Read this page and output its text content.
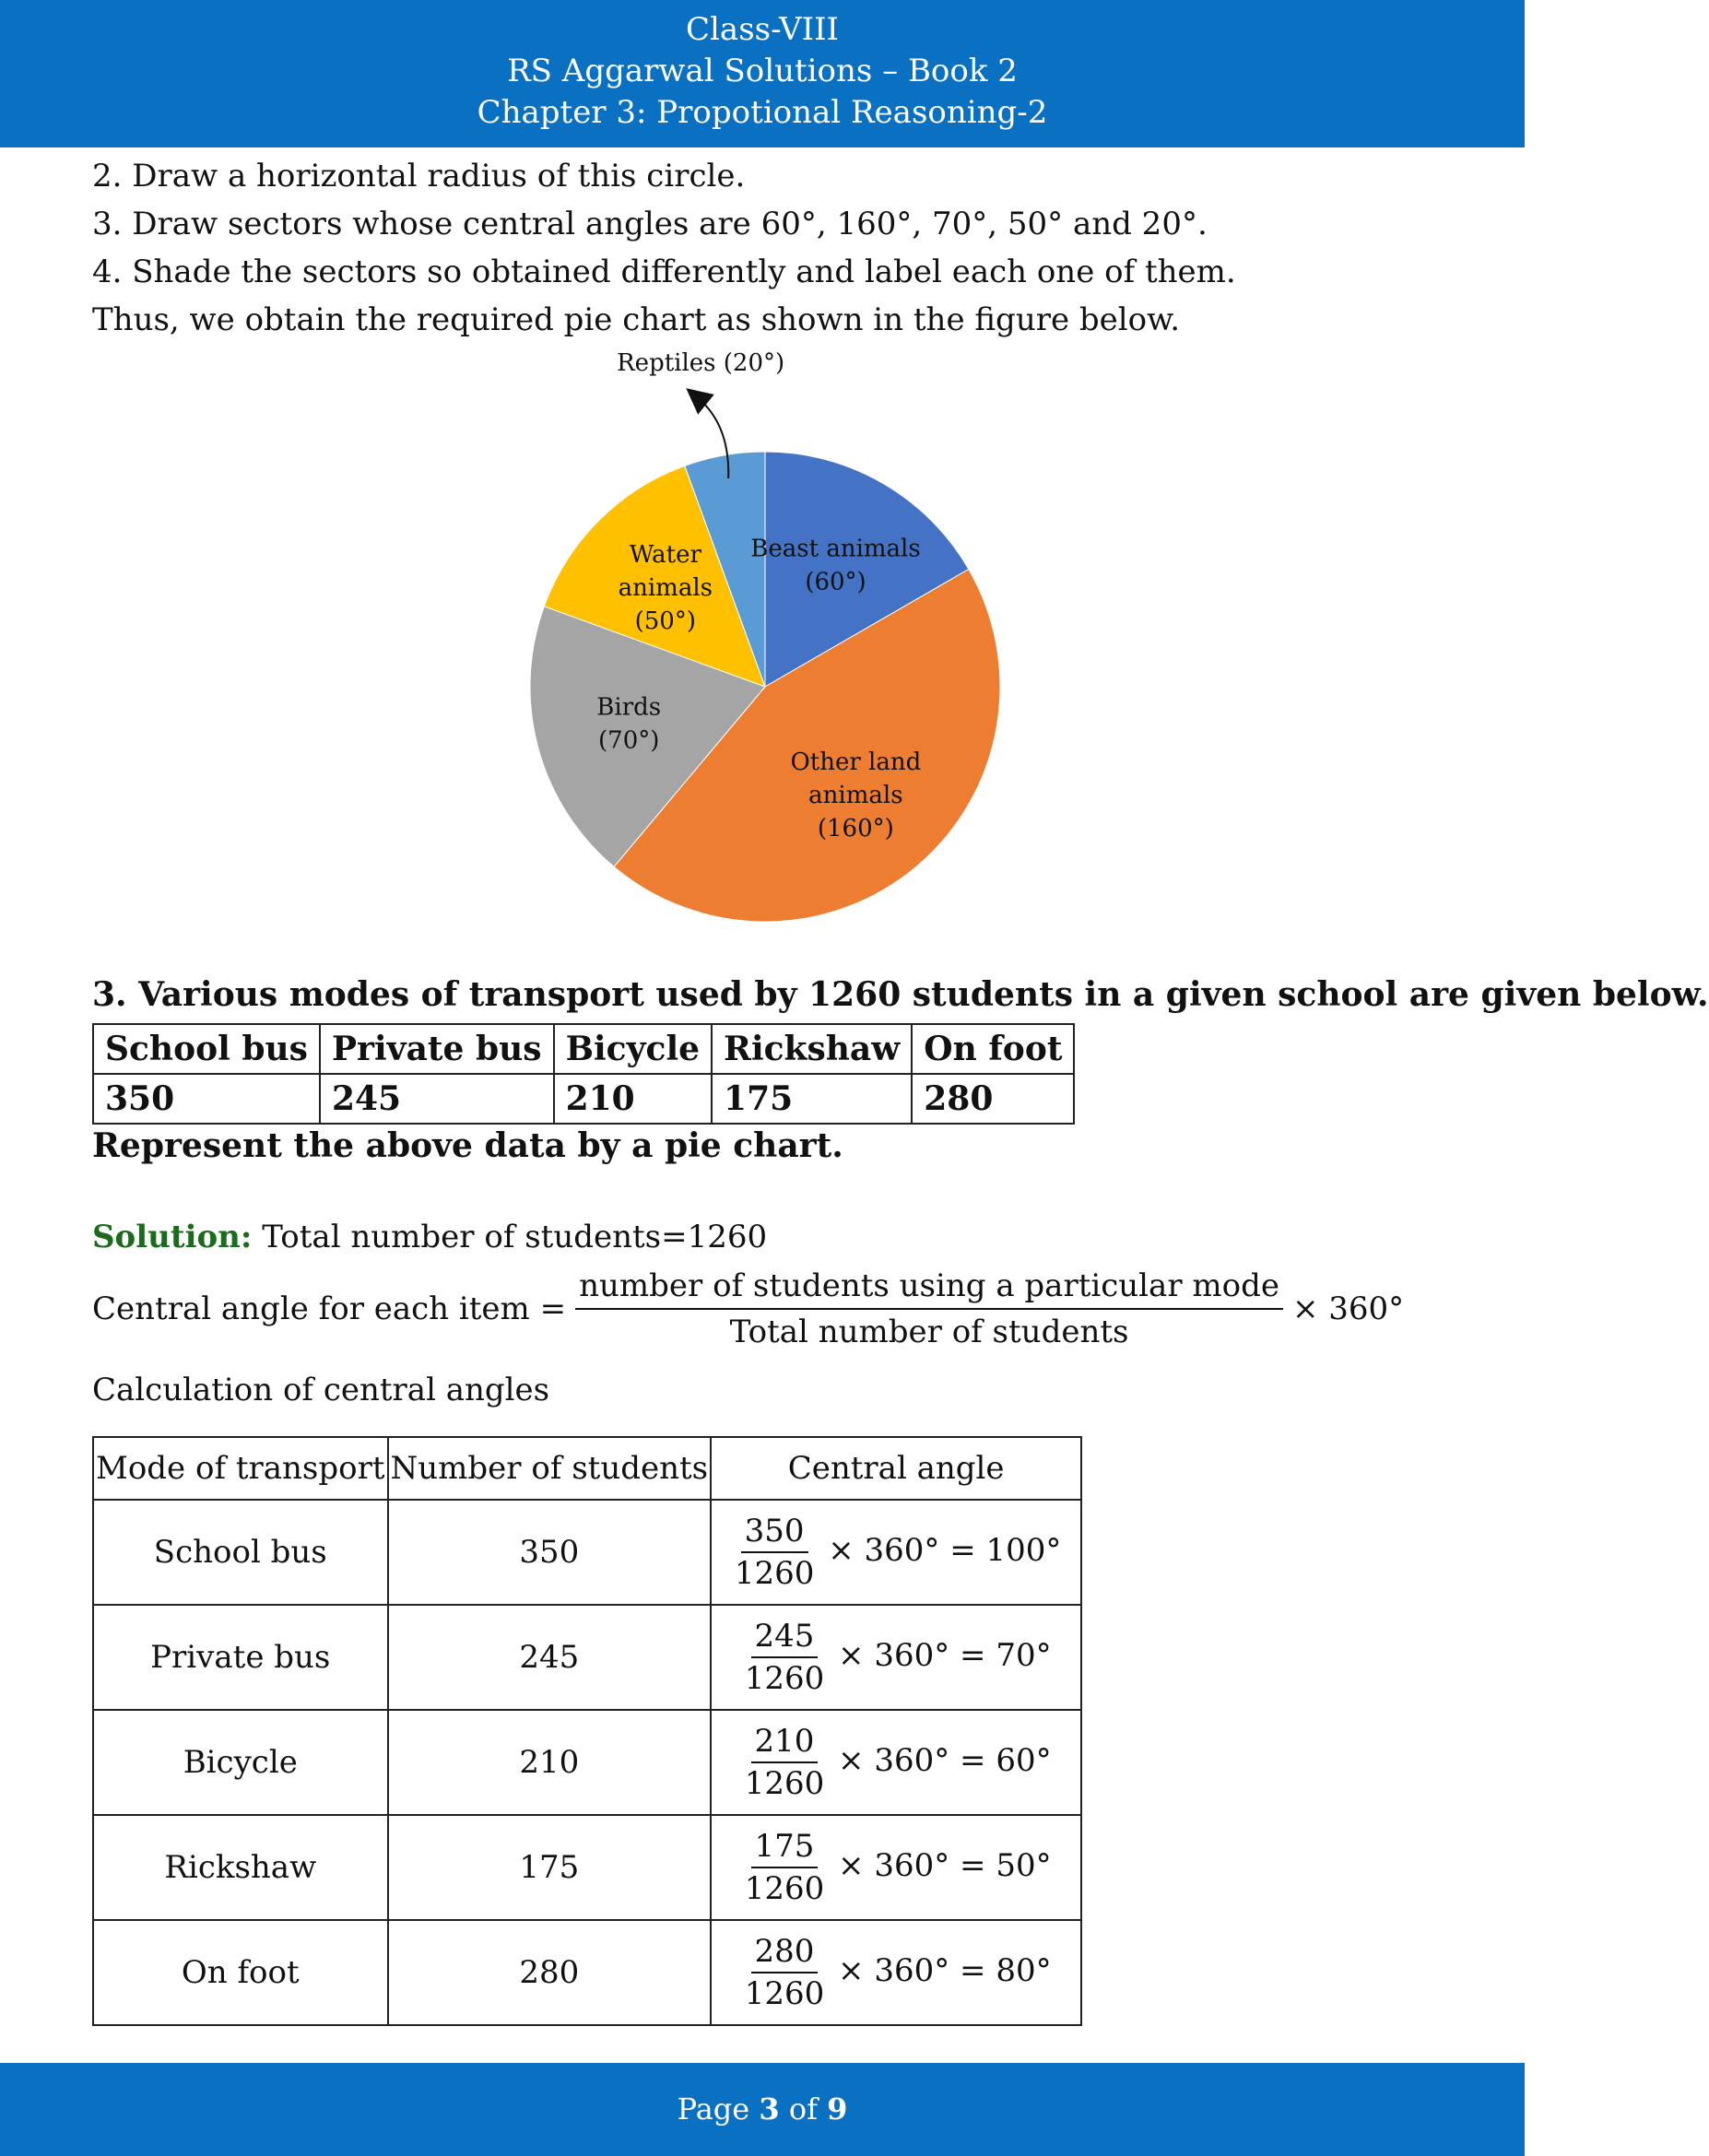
Class-VIII
RS Aggarwal Solutions – Book 2
Chapter 3: Propotional Reasoning-2

2. Draw a horizontal radius of this circle.

3. Draw sectors whose central angles are 60°, 160°, 70°, 50° and 20°.

4. Shade the sectors so obtained differently and label each one of them.

Thus, we obtain the required pie chart as shown in the figure below.

Beast animals (60°)
Other land animals (160°)
Birds (70°)
Water animals (50°)
Reptiles (20°)
3. Various modes of transport used by 1260 students in a given school are given below.
School bus	Private bus	Bicycle	Rickshaw	On foot
350	245	210	175	280
Represent the above data by a pie chart.
Solution: Total number of students=1260
Central angle for each item = $\frac{\text{number of students using a particular mode}}{\text{Total number of students}} \times 360^\circ$
Calculation of central angles
Mode of transport	Number of students	Central angle
School bus	350	$\frac{350}{1260} \times 360^\circ = 100^\circ$
Private bus	245	$\frac{245}{1260} \times 360^\circ = 70^\circ$
Bicycle	210	$\frac{210}{1260} \times 360^\circ = 60^\circ$
Rickshaw	175	$\frac{175}{1260} \times 360^\circ = 50^\circ$
On foot	280	$\frac{280}{1260} \times 360^\circ = 80^\circ$
Page 3 of 9
